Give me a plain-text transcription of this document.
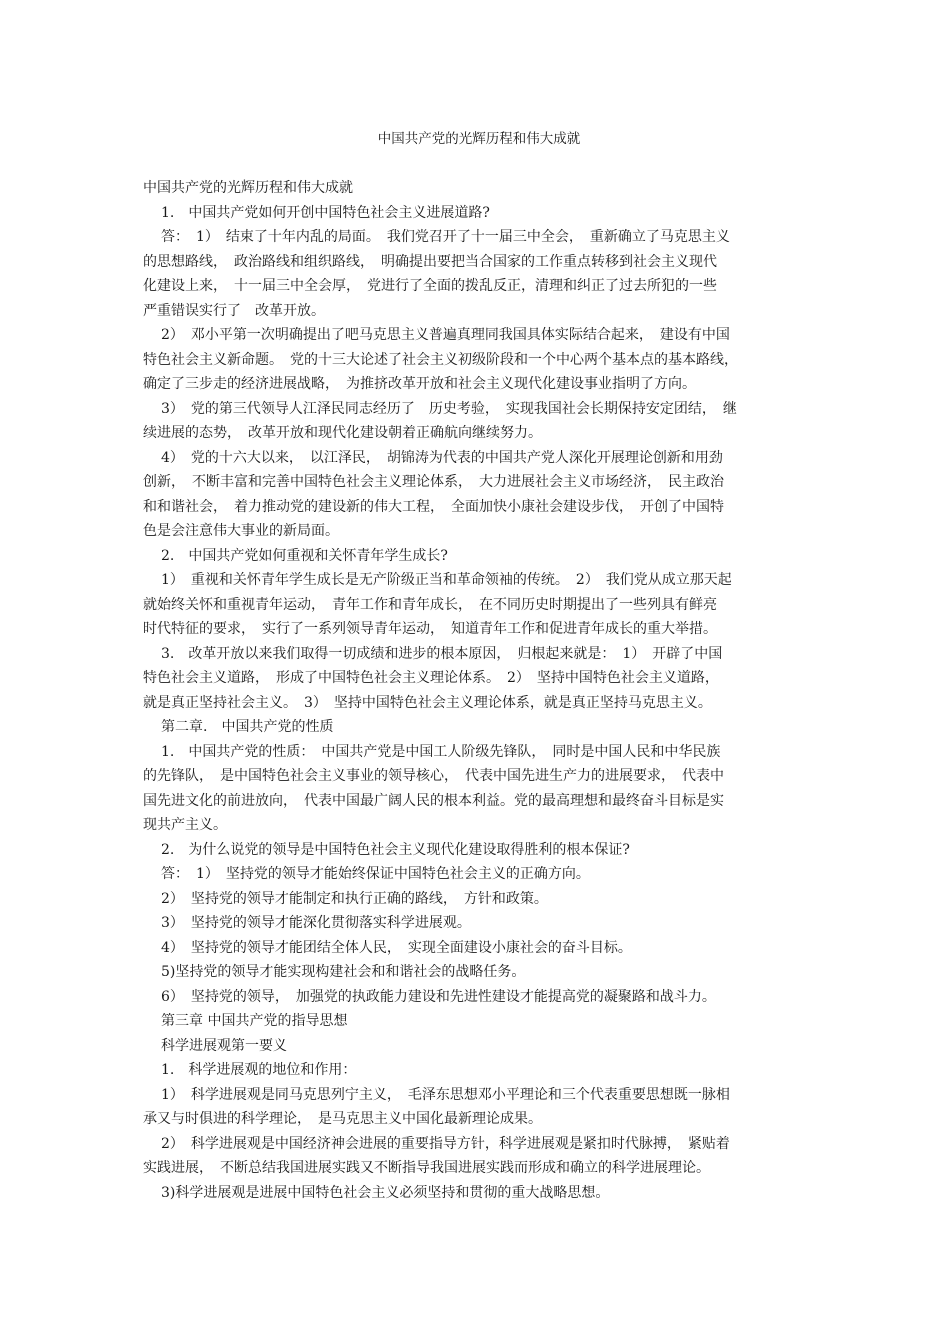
中国共产党的光辉历程和伟大成就
中国共产党的光辉历程和伟大成就
1.　中国共产党如何开创中国特色社会主义进展道路?
答：　1）　结束了十年内乱的局面。　我们党召开了十一届三中全会，　重新确立了马克思主义
的思想路线，　政治路线和组织路线，　明确提出要把当合国家的工作重点转移到社会主义现代
化建设上来，　十一届三中全会厚，　党进行了全面的拨乱反正，清理和纠正了过去所犯的一些
严重错误实行了　改革开放。
2）　邓小平第一次明确提出了吧马克思主义普遍真理同我国具体实际结合起来，　建设有中国
特色社会主义新命题。　党的十三大论述了社会主义初级阶段和一个中心两个基本点的基本路线，
确定了三步走的经济进展战略，　为推挤改革开放和社会主义现代化建设事业指明了方向。
3）　党的第三代领导人江泽民同志经历了　历史考验，　实现我国社会长期保持安定团结，　继
续进展的态势，　改革开放和现代化建设朝着正确航向继续努力。
4）　党的十六大以来，　以江泽民，　胡锦涛为代表的中国共产党人深化开展理论创新和用劲
创新，　不断丰富和完善中国特色社会主义理论体系，　大力进展社会主义市场经济，　民主政治
和和谐社会，　着力推动党的建设新的伟大工程，　全面加快小康社会建设步伐，　开创了中国特
色是会注意伟大事业的新局面。
2.　中国共产党如何重视和关怀青年学生成长?
1）　重视和关怀青年学生成长是无产阶级正当和革命领袖的传统。　2）　我们党从成立那天起
就始终关怀和重视青年运动，　青年工作和青年成长，　在不同历史时期提出了一些列具有鲜亮
时代特征的要求，　实行了一系列领导青年运动，　知道青年工作和促进青年成长的重大举措。
3.　改革开放以来我们取得一切成绩和进步的根本原因，　归根起来就是：　1）　开辟了中国
特色社会主义道路，　形成了中国特色社会主义理论体系。　2）　坚持中国特色社会主义道路，
就是真正坚持社会主义。　3）　坚持中国特色社会主义理论体系，就是真正坚持马克思主义。
第二章.　中国共产党的性质
1.　中国共产党的性质：　中国共产党是中国工人阶级先锋队，　同时是中国人民和中华民族
的先锋队，　是中国特色社会主义事业的领导核心，　代表中国先进生产力的进展要求，　代表中
国先进文化的前进放向，　代表中国最广阔人民的根本利益。党的最高理想和最终奋斗目标是实
现共产主义。
2.　为什么说党的领导是中国特色社会主义现代化建设取得胜利的根本保证?
答：　1）　坚持党的领导才能始终保证中国特色社会主义的正确方向。
2）　坚持党的领导才能制定和执行正确的路线，　方针和政策。
3）　坚持党的领导才能深化贯彻落实科学进展观。
4）　坚持党的领导才能团结全体人民，　实现全面建设小康社会的奋斗目标。
5)坚持党的领导才能实现构建社会和和谐社会的战略任务。
6）　坚持党的领导，　加强党的执政能力建设和先进性建设才能提高党的凝聚路和战斗力。
第三章 中国共产党的指导思想
科学进展观第一要义
1.　科学进展观的地位和作用：
1）　科学进展观是同马克思列宁主义，　毛泽东思想邓小平理论和三个代表重要思想既一脉相
承又与时俱进的科学理论，　是马克思主义中国化最新理论成果。
2）　科学进展观是中国经济神会进展的重要指导方针，科学进展观是紧扣时代脉搏，　紧贴着
实践进展，　不断总结我国进展实践又不断指导我国进展实践而形成和确立的科学进展理论。
3)科学进展观是进展中国特色社会主义必须坚持和贯彻的重大战略思想。
